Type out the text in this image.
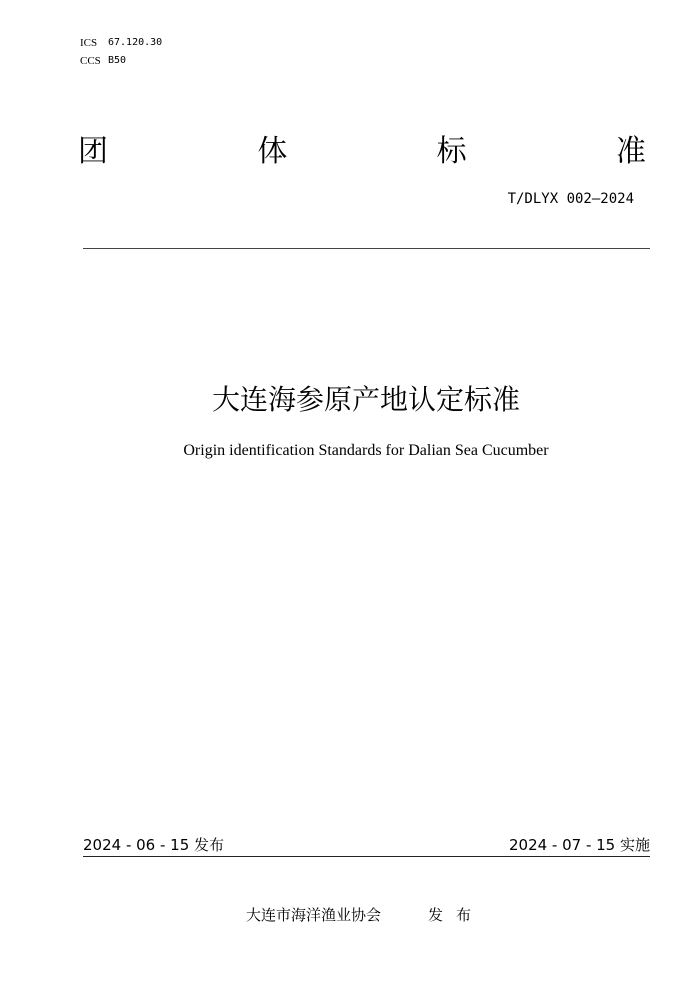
ICS	67.120.30
CCS B50
团	体	标	准
T/DLYX 002—2024
大连海参原产地认定标准
Origin identification Standards for Dalian Sea Cucumber
2024 - 06 - 15 发布	2024 - 07 - 15 实施
大连市海洋渔业协会	发布
